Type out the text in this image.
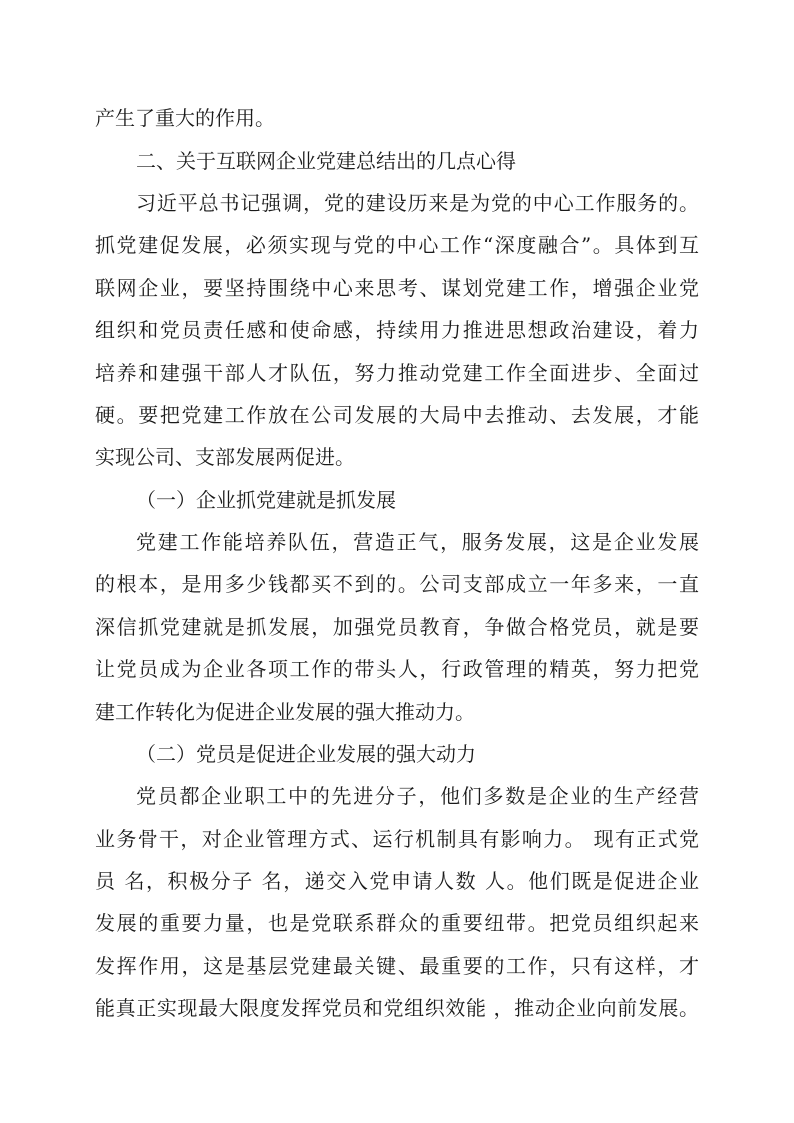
产生了重大的作用。
二、关于互联网企业党建总结出的几点心得
习近平总书记强调，党的建设历来是为党的中心工作服务的。
抓党建促发展，必须实现与党的中心工作“深度融合”。具体到互
联网企业，要坚持围绕中心来思考、谋划党建工作，增强企业党
组织和党员责任感和使命感，持续用力推进思想政治建设，着力
培养和建强干部人才队伍，努力推动党建工作全面进步、全面过
硬。要把党建工作放在公司发展的大局中去推动、去发展，才能
实现公司、支部发展两促进。
（一）企业抓党建就是抓发展
党建工作能培养队伍，营造正气，服务发展，这是企业发展
的根本，是用多少钱都买不到的。公司支部成立一年多来，一直
深信抓党建就是抓发展，加强党员教育，争做合格党员，就是要
让党员成为企业各项工作的带头人，行政管理的精英，努力把党
建工作转化为促进企业发展的强大推动力。
（二）党员是促进企业发展的强大动力
党员都企业职工中的先进分子，他们多数是企业的生产经营
业务骨干，对企业管理方式、运行机制具有影响力。 现有正式党
员 名，积极分子 名，递交入党申请人数 人。他们既是促进企业
发展的重要力量，也是党联系群众的重要纽带。把党员组织起来
发挥作用，这是基层党建最关键、最重要的工作，只有这样，才
能真正实现最大限度发挥党员和党组织效能 ，推动企业向前发展。
